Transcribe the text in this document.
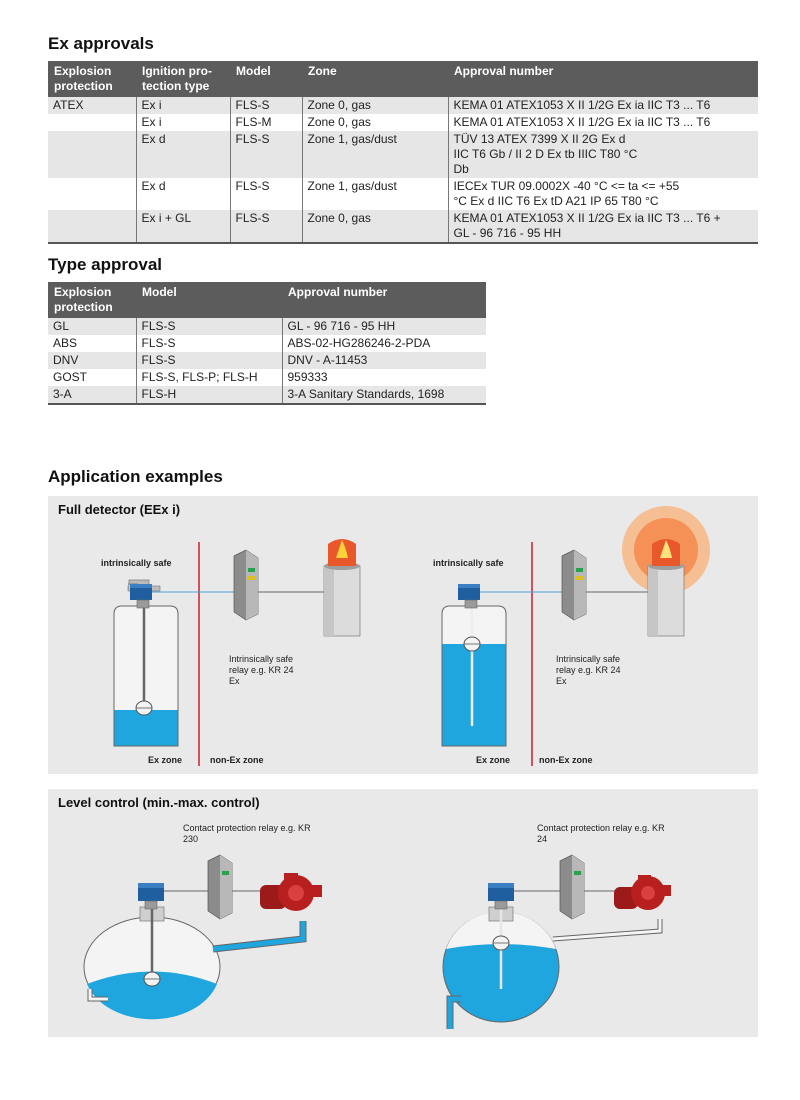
Ex approvals
Explosion protection	Ignition pro-tection type	Model	Zone	Approval number
ATEX	Ex i	FLS-S	Zone 0, gas	KEMA 01 ATEX1053 X II 1/2G Ex ia IIC T3 ... T6
	Ex i	FLS-M	Zone 0, gas	KEMA 01 ATEX1053 X II 1/2G Ex ia IIC T3 ... T6
	Ex d	FLS-S	Zone 1, gas/dust	TÜV 13 ATEX 7399 X II 2G Ex d IIC T6 Gb / II 2 D Ex tb IIIC T80 °C Db
	Ex d	FLS-S	Zone 1, gas/dust	IECEx TUR 09.0002X -40 °C <= ta <= +55 °C Ex d IIC T6 Ex tD A21 IP 65 T80 °C
	Ex i + GL	FLS-S	Zone 0, gas	KEMA 01 ATEX1053 X II 1/2G Ex ia IIC T3 ... T6 + GL - 96 716 - 95 HH
Type approval
Explosion protection	Model	Approval number
GL	FLS-S	GL - 96 716 - 95 HH
ABS	FLS-S	ABS-02-HG286246-2-PDA
DNV	FLS-S	DNV - A-11453
GOST	FLS-S, FLS-P; FLS-H	959333
3-A	FLS-H	3-A Sanitary Standards, 1698
Application examples
Full detector (EEx i)
intrinsically safe	intrinsically safe
Intrinsically safe relay e.g. KR 24 Ex
Intrinsically safe relay e.g. KR 24 Ex
Ex zone	non-Ex zone	Ex zone	non-Ex zone
Level control (min.-max. control)
Contact protection relay e.g. KR 230
Contact protection relay e.g. KR 24
